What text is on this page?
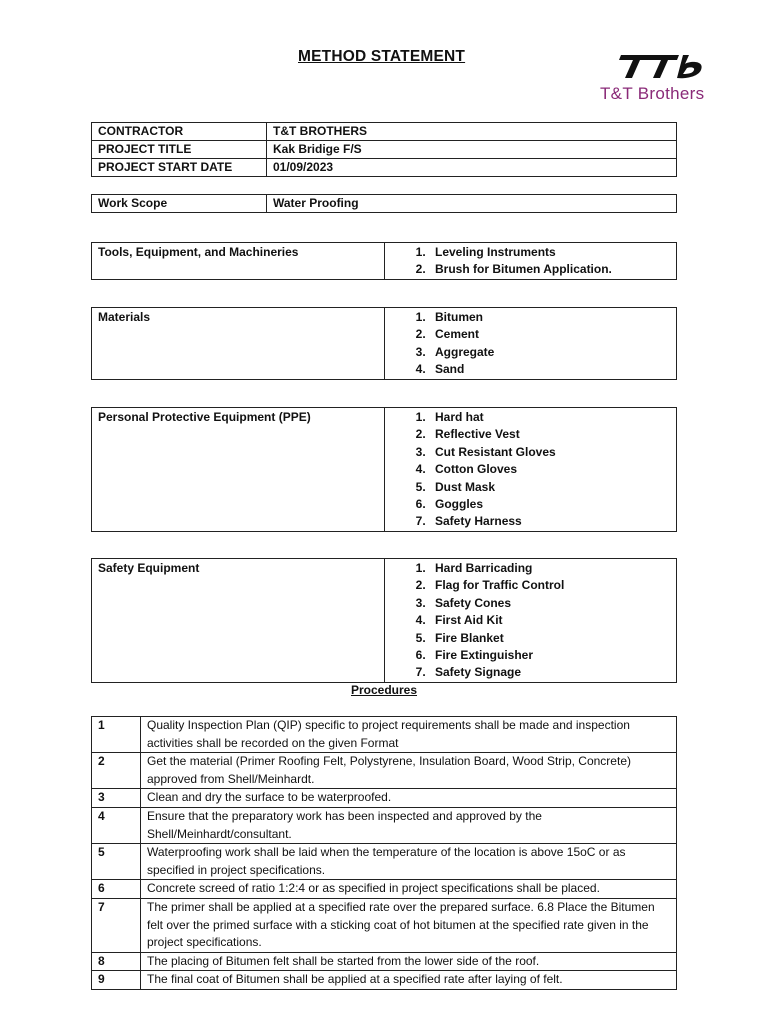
METHOD STATEMENT
T&T Brothers
CONTRACTOR	T&T BROTHERS
PROJECT TITLE	Kak Bridige F/S
PROJECT START DATE	01/09/2023
Work Scope	Water Proofing
Tools, Equipment, and Machineries	
1.Leveling Instruments
2. Brush for Bitumen Application.
Materials	
1.Bitumen
2. Cement
3. Aggregate
4. Sand
Personal Protective Equipment (PPE)	
1.Hard hat
2. Reflective Vest
3. Cut Resistant Gloves
4. Cotton Gloves
5. Dust Mask
6. Goggles
7. Safety Harness
Safety Equipment	
1.Hard Barricading
2. Flag for Traffic Control
3. Safety Cones
4. First Aid Kit
5. Fire Blanket
6. Fire Extinguisher
7. Safety Signage
Procedures
1	Quality Inspection Plan (QIP) specific to project requirements shall be made and inspection activities shall be recorded on the given Format
2	Get the material (Primer Roofing Felt, Polystyrene, Insulation Board, Wood Strip, Concrete) approved from Shell/Meinhardt.
3	Clean and dry the surface to be waterproofed.
4	Ensure that the preparatory work has been inspected and approved by the Shell/Meinhardt/consultant.
5	Waterproofing work shall be laid when the temperature of the location is above 15oC or as specified in project specifications.
6	Concrete screed of ratio 1:2:4 or as specified in project specifications shall be placed.
7	The primer shall be applied at a specified rate over the prepared surface. 6.8 Place the Bitumen felt over the primed surface with a sticking coat of hot bitumen at the specified rate given in the project specifications.
8	The placing of Bitumen felt shall be started from the lower side of the roof.
9	The final coat of Bitumen shall be applied at a specified rate after laying of felt.
